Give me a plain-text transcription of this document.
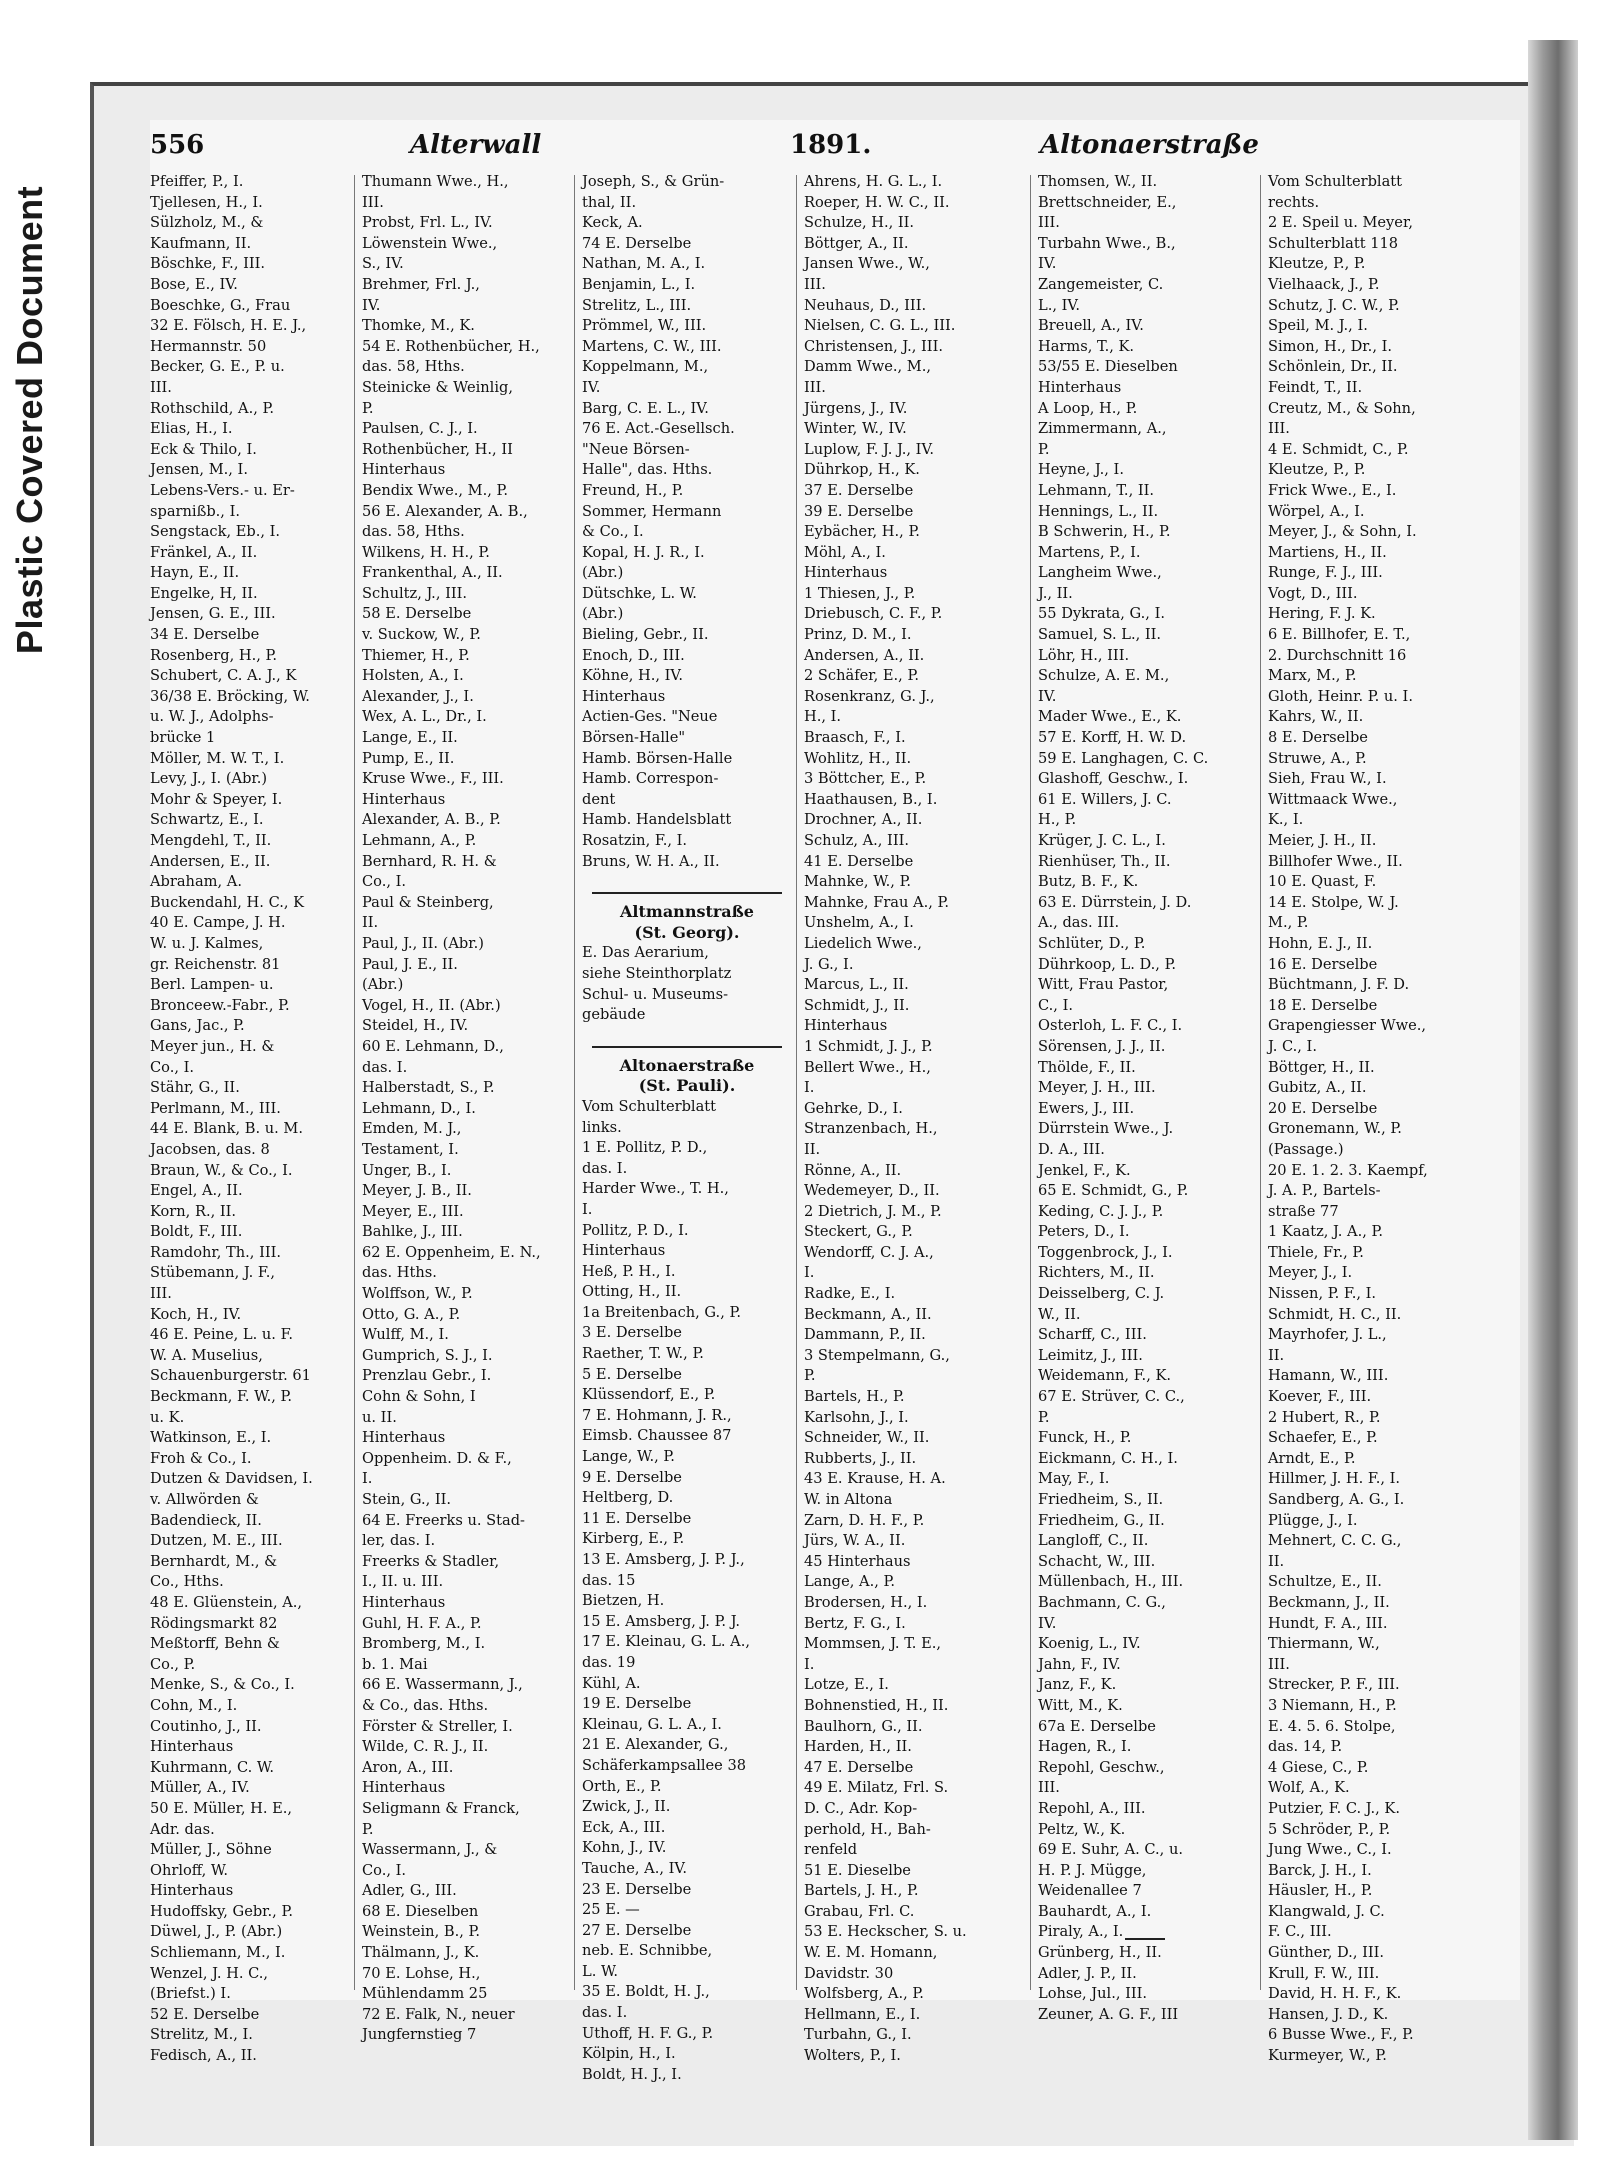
Plastic Covered Document
556	Alterwall	1891.	Altonaerstraße
Pfeiffer, P., I.
Tjellesen, H., I.
Sülzholz, M., &
Kaufmann, II.
Böschke, F., III.
Bose, E., IV.
Boeschke, G., Frau
32 E. Fölsch, H. E. J.,
Hermannstr. 50
Becker, G. E., P. u.
III.
Rothschild, A., P.
Elias, H., I.
Eck & Thilo, I.
Jensen, M., I.
Lebens-Vers.- u. Er-
sparnißb., I.
Sengstack, Eb., I.
Fränkel, A., II.
Hayn, E., II.
Engelke, H, II.
Jensen, G. E., III.
34 E. Derselbe
Rosenberg, H., P.
Schubert, C. A. J., K
36/38 E. Bröcking, W.
u. W. J., Adolphs-
brücke 1
Möller, M. W. T., I.
Levy, J., I. (Abr.)
Mohr & Speyer, I.
Schwartz, E., I.
Mengdehl, T., II.
Andersen, E., II.
Abraham, A.
Buckendahl, H. C., K
40 E. Campe, J. H.
W. u. J. Kalmes,
gr. Reichenstr. 81
Berl. Lampen- u.
Bronceew.-Fabr., P.
Gans, Jac., P.
Meyer jun., H. &
Co., I.
Stähr, G., II.
Perlmann, M., III.
44 E. Blank, B. u. M.
Jacobsen, das. 8
Braun, W., & Co., I.
Engel, A., II.
Korn, R., II.
Boldt, F., III.
Ramdohr, Th., III.
Stübemann, J. F.,
III.
Koch, H., IV.
46 E. Peine, L. u. F.
W. A. Muselius,
Schauenburgerstr. 61
Beckmann, F. W., P.
u. K.
Watkinson, E., I.
Froh & Co., I.
Dutzen & Davidsen, I.
v. Allwörden &
Badendieck, II.
Dutzen, M. E., III.
Bernhardt, M., &
Co., Hths.
48 E. Glüenstein, A.,
Rödingsmarkt 82
Meßtorff, Behn &
Co., P.
Menke, S., & Co., I.
Cohn, M., I.
Coutinho, J., II.
Hinterhaus
Kuhrmann, C. W.
Müller, A., IV.
50 E. Müller, H. E.,
Adr. das.
Müller, J., Söhne
Ohrloff, W.
Hinterhaus
Hudoffsky, Gebr., P.
Düwel, J., P. (Abr.)
Schliemann, M., I.
Wenzel, J. H. C.,
(Briefst.) I.
52 E. Derselbe
Strelitz, M., I.
Fedisch, A., II.
Thumann Wwe., H.,
III.
Probst, Frl. L., IV.
Löwenstein Wwe.,
S., IV.
Brehmer, Frl. J.,
IV.
Thomke, M., K.
54 E. Rothenbücher, H.,
das. 58, Hths.
Steinicke & Weinlig,
P.
Paulsen, C. J., I.
Rothenbücher, H., II
Hinterhaus
Bendix Wwe., M., P.
56 E. Alexander, A. B.,
das. 58, Hths.
Wilkens, H. H., P.
Frankenthal, A., II.
Schultz, J., III.
58 E. Derselbe
v. Suckow, W., P.
Thiemer, H., P.
Holsten, A., I.
Alexander, J., I.
Wex, A. L., Dr., I.
Lange, E., II.
Pump, E., II.
Kruse Wwe., F., III.
Hinterhaus
Alexander, A. B., P.
Lehmann, A., P.
Bernhard, R. H. &
Co., I.
Paul & Steinberg,
II.
Paul, J., II. (Abr.)
Paul, J. E., II.
(Abr.)
Vogel, H., II. (Abr.)
Steidel, H., IV.
60 E. Lehmann, D.,
das. I.
Halberstadt, S., P.
Lehmann, D., I.
Emden, M. J.,
Testament, I.
Unger, B., I.
Meyer, J. B., II.
Meyer, E., III.
Bahlke, J., III.
62 E. Oppenheim, E. N.,
das. Hths.
Wolffson, W., P.
Otto, G. A., P.
Wulff, M., I.
Gumprich, S. J., I.
Prenzlau Gebr., I.
Cohn & Sohn, I
u. II.
Hinterhaus
Oppenheim. D. & F.,
I.
Stein, G., II.
64 E. Freerks u. Stad-
ler, das. I.
Freerks & Stadler,
I., II. u. III.
Hinterhaus
Guhl, H. F. A., P.
Bromberg, M., I.
b. 1. Mai
66 E. Wassermann, J.,
& Co., das. Hths.
Förster & Streller, I.
Wilde, C. R. J., II.
Aron, A., III.
Hinterhaus
Seligmann & Franck,
P.
Wassermann, J., &
Co., I.
Adler, G., III.
68 E. Dieselben
Weinstein, B., P.
Thälmann, J., K.
70 E. Lohse, H.,
Mühlendamm 25
72 E. Falk, N., neuer
Jungfernstieg 7
Joseph, S., & Grün-
thal, II.
Keck, A.
74 E. Derselbe
Nathan, M. A., I.
Benjamin, L., I.
Strelitz, L., III.
Prömmel, W., III.
Martens, C. W., III.
Koppelmann, M.,
IV.
Barg, C. E. L., IV.
76 E. Act.-Gesellsch.
"Neue Börsen-
Halle", das. Hths.
Freund, H., P.
Sommer, Hermann
& Co., I.
Kopal, H. J. R., I.
(Abr.)
Dütschke, L. W.
(Abr.)
Bieling, Gebr., II.
Enoch, D., III.
Köhne, H., IV.
Hinterhaus
Actien-Ges. "Neue
Börsen-Halle"
Hamb. Börsen-Halle
Hamb. Correspon-
dent
Hamb. Handelsblatt
Rosatzin, F., I.
Bruns, W. H. A., II.
Altmannstraße
(St. Georg).
E. Das Aerarium,
siehe Steinthorplatz
Schul- u. Museums-
gebäude
Altonaerstraße
(St. Pauli).
Vom Schulterblatt
links.
1 E. Pollitz, P. D.,
das. I.
Harder Wwe., T. H.,
I.
Pollitz, P. D., I.
Hinterhaus
Heß, P. H., I.
Otting, H., II.
1a Breitenbach, G., P.
3 E. Derselbe
Raether, T. W., P.
5 E. Derselbe
Klüssendorf, E., P.
7 E. Hohmann, J. R.,
Eimsb. Chaussee 87
Lange, W., P.
9 E. Derselbe
Heltberg, D.
11 E. Derselbe
Kirberg, E., P.
13 E. Amsberg, J. P. J.,
das. 15
Bietzen, H.
15 E. Amsberg, J. P. J.
17 E. Kleinau, G. L. A.,
das. 19
Kühl, A.
19 E. Derselbe
Kleinau, G. L. A., I.
21 E. Alexander, G.,
Schäferkampsallee 38
Orth, E., P.
Zwick, J., II.
Eck, A., III.
Kohn, J., IV.
Tauche, A., IV.
23 E. Derselbe
25 E. —
27 E. Derselbe
neb. E. Schnibbe,
L. W.
35 E. Boldt, H. J.,
das. I.
Uthoff, H. F. G., P.
Kölpin, H., I.
Boldt, H. J., I.
Ahrens, H. G. L., I.
Roeper, H. W. C., II.
Schulze, H., II.
Böttger, A., II.
Jansen Wwe., W.,
III.
Neuhaus, D., III.
Nielsen, C. G. L., III.
Christensen, J., III.
Damm Wwe., M.,
III.
Jürgens, J., IV.
Winter, W., IV.
Luplow, F. J. J., IV.
Dührkop, H., K.
37 E. Derselbe
39 E. Derselbe
Eybächer, H., P.
Möhl, A., I.
Hinterhaus
1 Thiesen, J., P.
Driebusch, C. F., P.
Prinz, D. M., I.
Andersen, A., II.
2 Schäfer, E., P.
Rosenkranz, G. J.,
H., I.
Braasch, F., I.
Wohlitz, H., II.
3 Böttcher, E., P.
Haathausen, B., I.
Drochner, A., II.
Schulz, A., III.
41 E. Derselbe
Mahnke, W., P.
Mahnke, Frau A., P.
Unshelm, A., I.
Liedelich Wwe.,
J. G., I.
Marcus, L., II.
Schmidt, J., II.
Hinterhaus
1 Schmidt, J. J., P.
Bellert Wwe., H.,
I.
Gehrke, D., I.
Stranzenbach, H.,
II.
Rönne, A., II.
Wedemeyer, D., II.
2 Dietrich, J. M., P.
Steckert, G., P.
Wendorff, C. J. A.,
I.
Radke, E., I.
Beckmann, A., II.
Dammann, P., II.
3 Stempelmann, G.,
P.
Bartels, H., P.
Karlsohn, J., I.
Schneider, W., II.
Rubberts, J., II.
43 E. Krause, H. A.
W. in Altona
Zarn, D. H. F., P.
Jürs, W. A., II.
45 Hinterhaus
Lange, A., P.
Brodersen, H., I.
Bertz, F. G., I.
Mommsen, J. T. E.,
I.
Lotze, E., I.
Bohnenstied, H., II.
Baulhorn, G., II.
Harden, H., II.
47 E. Derselbe
49 E. Milatz, Frl. S.
D. C., Adr. Kop-
perhold, H., Bah-
renfeld
51 E. Dieselbe
Bartels, J. H., P.
Grabau, Frl. C.
53 E. Heckscher, S. u.
W. E. M. Homann,
Davidstr. 30
Wolfsberg, A., P.
Hellmann, E., I.
Turbahn, G., I.
Wolters, P., I.
Thomsen, W., II.
Brettschneider, E.,
III.
Turbahn Wwe., B.,
IV.
Zangemeister, C.
L., IV.
Breuell, A., IV.
Harms, T., K.
53/55 E. Dieselben
Hinterhaus
A Loop, H., P.
Zimmermann, A.,
P.
Heyne, J., I.
Lehmann, T., II.
Hennings, L., II.
B Schwerin, H., P.
Martens, P., I.
Langheim Wwe.,
J., II.
55 Dykrata, G., I.
Samuel, S. L., II.
Löhr, H., III.
Schulze, A. E. M.,
IV.
Mader Wwe., E., K.
57 E. Korff, H. W. D.
59 E. Langhagen, C. C.
Glashoff, Geschw., I.
61 E. Willers, J. C.
H., P.
Krüger, J. C. L., I.
Rienhüser, Th., II.
Butz, B. F., K.
63 E. Dürrstein, J. D.
A., das. III.
Schlüter, D., P.
Dührkoop, L. D., P.
Witt, Frau Pastor,
C., I.
Osterloh, L. F. C., I.
Sörensen, J. J., II.
Thölde, F., II.
Meyer, J. H., III.
Ewers, J., III.
Dürrstein Wwe., J.
D. A., III.
Jenkel, F., K.
65 E. Schmidt, G., P.
Keding, C. J. J., P.
Peters, D., I.
Toggenbrock, J., I.
Richters, M., II.
Deisselberg, C. J.
W., II.
Scharff, C., III.
Leimitz, J., III.
Weidemann, F., K.
67 E. Strüver, C. C.,
P.
Funck, H., P.
Eickmann, C. H., I.
May, F., I.
Friedheim, S., II.
Friedheim, G., II.
Langloff, C., II.
Schacht, W., III.
Müllenbach, H., III.
Bachmann, C. G.,
IV.
Koenig, L., IV.
Jahn, F., IV.
Janz, F., K.
Witt, M., K.
67a E. Derselbe
Hagen, R., I.
Repohl, Geschw.,
III.
Repohl, A., III.
Peltz, W., K.
69 E. Suhr, A. C., u.
H. P. J. Mügge,
Weidenallee 7
Bauhardt, A., I.
Piraly, A., I.
Grünberg, H., II.
Adler, J. P., II.
Lohse, Jul., III.
Zeuner, A. G. F., III
Vom Schulterblatt
rechts.
2 E. Speil u. Meyer,
Schulterblatt 118
Kleutze, P., P.
Vielhaack, J., P.
Schutz, J. C. W., P.
Speil, M. J., I.
Simon, H., Dr., I.
Schönlein, Dr., II.
Feindt, T., II.
Creutz, M., & Sohn,
III.
4 E. Schmidt, C., P.
Kleutze, P., P.
Frick Wwe., E., I.
Wörpel, A., I.
Meyer, J., & Sohn, I.
Martiens, H., II.
Runge, F. J., III.
Vogt, D., III.
Hering, F. J. K.
6 E. Billhofer, E. T.,
2. Durchschnitt 16
Marx, M., P.
Gloth, Heinr. P. u. I.
Kahrs, W., II.
8 E. Derselbe
Struwe, A., P.
Sieh, Frau W., I.
Wittmaack Wwe.,
K., I.
Meier, J. H., II.
Billhofer Wwe., II.
10 E. Quast, F.
14 E. Stolpe, W. J.
M., P.
Hohn, E. J., II.
16 E. Derselbe
Büchtmann, J. F. D.
18 E. Derselbe
Grapengiesser Wwe.,
J. C., I.
Böttger, H., II.
Gubitz, A., II.
20 E. Derselbe
Gronemann, W., P.
(Passage.)
20 E. 1. 2. 3. Kaempf,
J. A. P., Bartels-
straße 77
1 Kaatz, J. A., P.
Thiele, Fr., P.
Meyer, J., I.
Nissen, P. F., I.
Schmidt, H. C., II.
Mayrhofer, J. L.,
II.
Hamann, W., III.
Koever, F., III.
2 Hubert, R., P.
Schaefer, E., P.
Arndt, E., P.
Hillmer, J. H. F., I.
Sandberg, A. G., I.
Plügge, J., I.
Mehnert, C. C. G.,
II.
Schultze, E., II.
Beckmann, J., II.
Hundt, F. A., III.
Thiermann, W.,
III.
Strecker, P. F., III.
3 Niemann, H., P.
E. 4. 5. 6. Stolpe,
das. 14, P.
4 Giese, C., P.
Wolf, A., K.
Putzier, F. C. J., K.
5 Schröder, P., P.
Jung Wwe., C., I.
Barck, J. H., I.
Häusler, H., P.
Klangwald, J. C.
F. C., III.
Günther, D., III.
Krull, F. W., III.
David, H. H. F., K.
Hansen, J. D., K.
6 Busse Wwe., F., P.
Kurmeyer, W., P.
